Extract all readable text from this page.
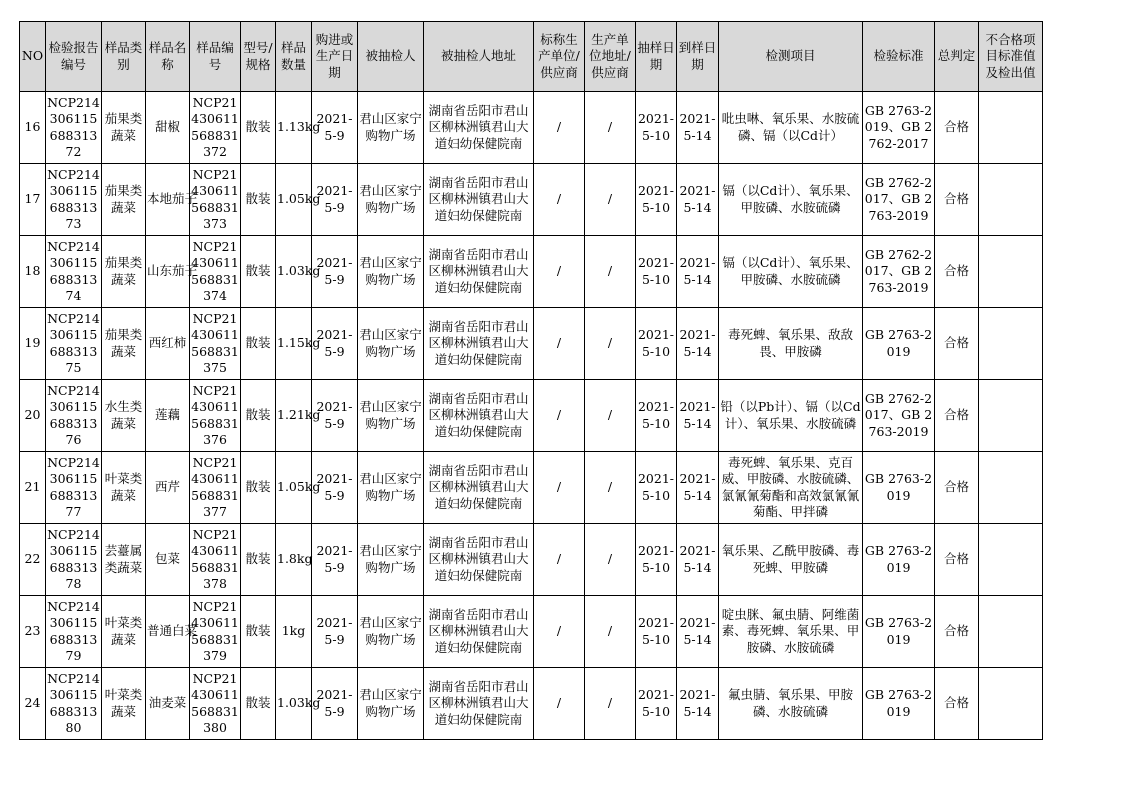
NO	检验报告编号	样品类别	样品名称	样品编号	型号/规格	样品数量	购进或生产日期	被抽检人	被抽检人地址	标称生产单位/供应商	生产单位地址/供应商	抽样日期	到样日期	检测项目	检验标准	总判定	不合格项目标准值及检出值
16	NCP21430611568831372	茄果类蔬菜	甜椒	NCP21430611568831372	散装	1.13kg	2021-5-9	君山区家宁购物广场	湖南省岳阳市君山区柳林洲镇君山大道妇幼保健院南	/	/	2021-5-10	2021-5-14	吡虫啉、氧乐果、水胺硫磷、镉（以Cd计）	GB 2763-2019、GB 2762-2017	合格	
17	NCP21430611568831373	茄果类蔬菜	本地茄子	NCP21430611568831373	散装	1.05kg	2021-5-9	君山区家宁购物广场	湖南省岳阳市君山区柳林洲镇君山大道妇幼保健院南	/	/	2021-5-10	2021-5-14	镉（以Cd计）、氧乐果、甲胺磷、水胺硫磷	GB 2762-2017、GB 2763-2019	合格	
18	NCP21430611568831374	茄果类蔬菜	山东茄子	NCP21430611568831374	散装	1.03kg	2021-5-9	君山区家宁购物广场	湖南省岳阳市君山区柳林洲镇君山大道妇幼保健院南	/	/	2021-5-10	2021-5-14	镉（以Cd计）、氧乐果、甲胺磷、水胺硫磷	GB 2762-2017、GB 2763-2019	合格	
19	NCP21430611568831375	茄果类蔬菜	西红柿	NCP21430611568831375	散装	1.15kg	2021-5-9	君山区家宁购物广场	湖南省岳阳市君山区柳林洲镇君山大道妇幼保健院南	/	/	2021-5-10	2021-5-14	毒死蜱、氧乐果、敌敌畏、甲胺磷	GB 2763-2019	合格	
20	NCP21430611568831376	水生类蔬菜	莲藕	NCP21430611568831376	散装	1.21kg	2021-5-9	君山区家宁购物广场	湖南省岳阳市君山区柳林洲镇君山大道妇幼保健院南	/	/	2021-5-10	2021-5-14	铅（以Pb计）、镉（以Cd计）、氧乐果、水胺硫磷	GB 2762-2017、GB 2763-2019	合格	
21	NCP21430611568831377	叶菜类蔬菜	西芹	NCP21430611568831377	散装	1.05kg	2021-5-9	君山区家宁购物广场	湖南省岳阳市君山区柳林洲镇君山大道妇幼保健院南	/	/	2021-5-10	2021-5-14	毒死蜱、氧乐果、克百威、甲胺磷、水胺硫磷、氯氰氰菊酯和高效氯氰氰菊酯、甲拌磷	GB 2763-2019	合格	
22	NCP21430611568831378	芸薹属类蔬菜	包菜	NCP21430611568831378	散装	1.8kg	2021-5-9	君山区家宁购物广场	湖南省岳阳市君山区柳林洲镇君山大道妇幼保健院南	/	/	2021-5-10	2021-5-14	氧乐果、乙酰甲胺磷、毒死蜱、甲胺磷	GB 2763-2019	合格	
23	NCP21430611568831379	叶菜类蔬菜	普通白菜	NCP21430611568831379	散装	1kg	2021-5-9	君山区家宁购物广场	湖南省岳阳市君山区柳林洲镇君山大道妇幼保健院南	/	/	2021-5-10	2021-5-14	啶虫脒、氟虫腈、阿维菌素、毒死蜱、氧乐果、甲胺磷、水胺硫磷	GB 2763-2019	合格	
24	NCP21430611568831380	叶菜类蔬菜	油麦菜	NCP21430611568831380	散装	1.03kg	2021-5-9	君山区家宁购物广场	湖南省岳阳市君山区柳林洲镇君山大道妇幼保健院南	/	/	2021-5-10	2021-5-14	氟虫腈、氧乐果、甲胺磷、水胺硫磷	GB 2763-2019	合格	
